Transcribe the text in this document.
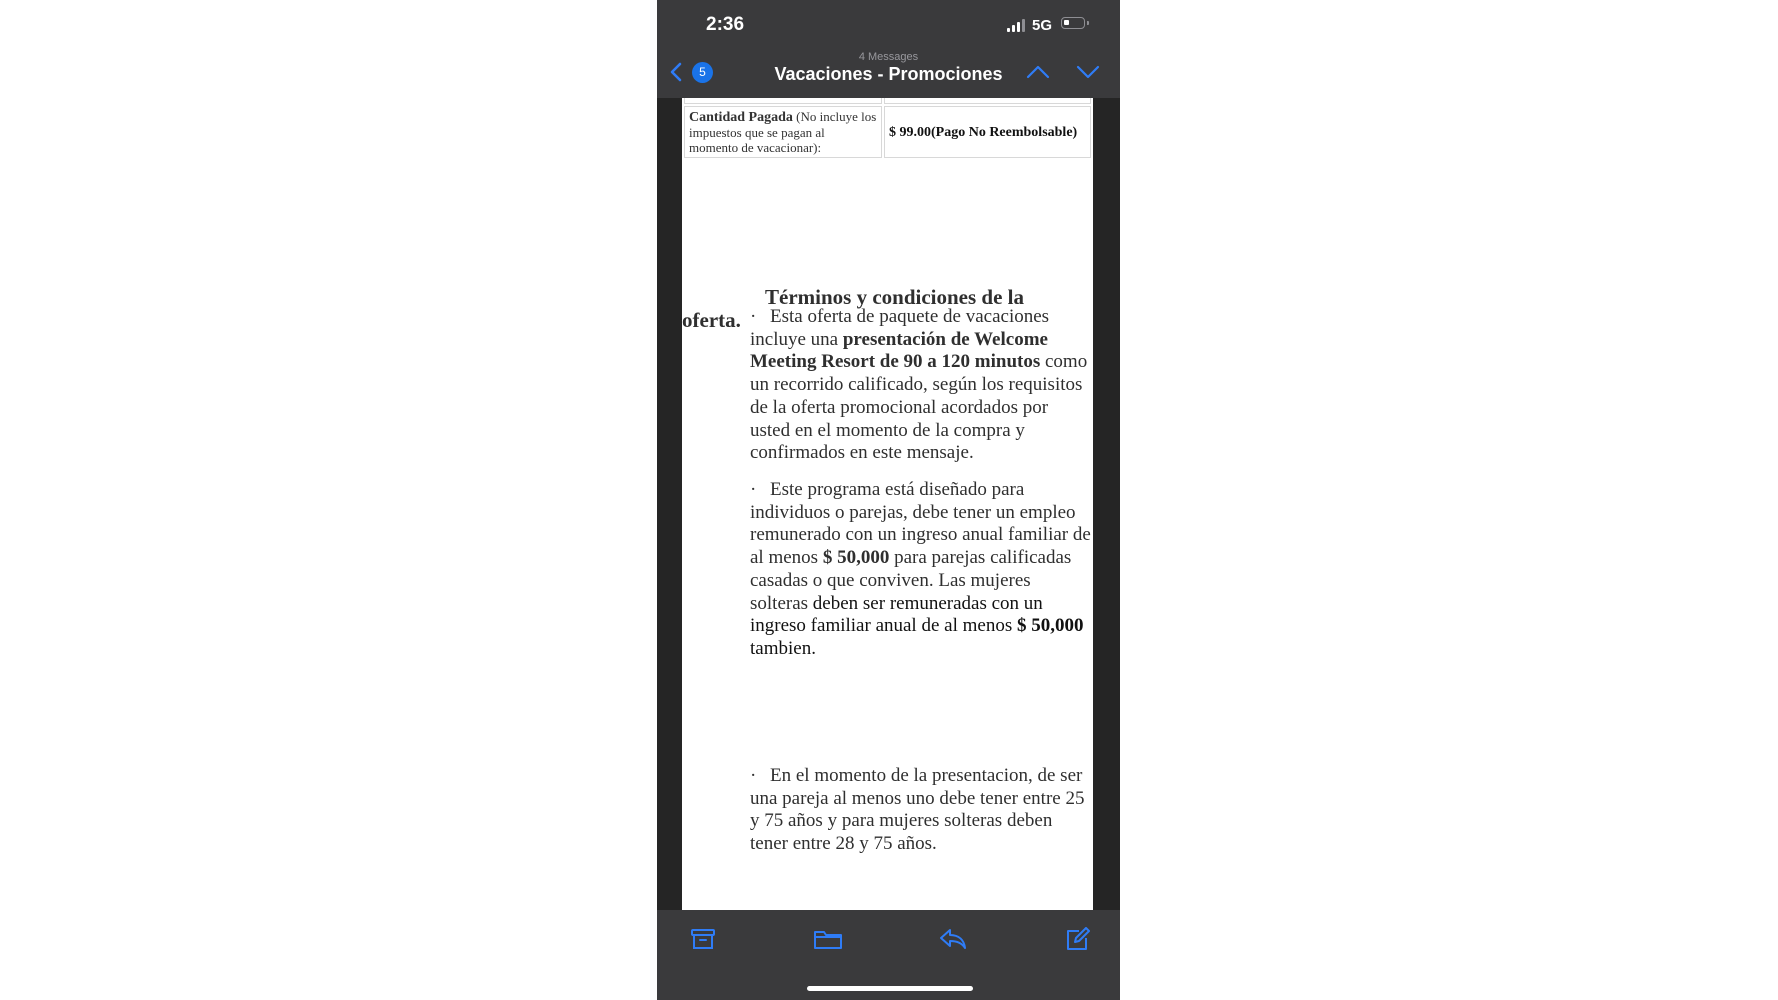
2:36	5G
4 Messages
Vacaciones - Promociones
5

Cantidad Pagada (No incluye los impuestos que se pagan al momento de vacacionar):	$ 99.00(Pago No Reembolsable)
Términos y condiciones de la
oferta. · Esta oferta de paquete de vacaciones incluye una presentación de Welcome Meeting Resort de 90 a 120 minutos como un recorrido calificado, según los requisitos de la oferta promocional acordados por usted en el momento de la compra y confirmados en este mensaje.
· Este programa está diseñado para individuos o parejas, debe tener un empleo remunerado con un ingreso anual familiar de al menos $ 50,000 para parejas calificadas casadas o que conviven. Las mujeres solteras deben ser remuneradas con un ingreso familiar anual de al menos $ 50,000 tambien.
· En el momento de la presentacion, de ser una pareja al menos uno debe tener entre 25 y 75 años y para mujeres solteras deben tener entre 28 y 75 años.
